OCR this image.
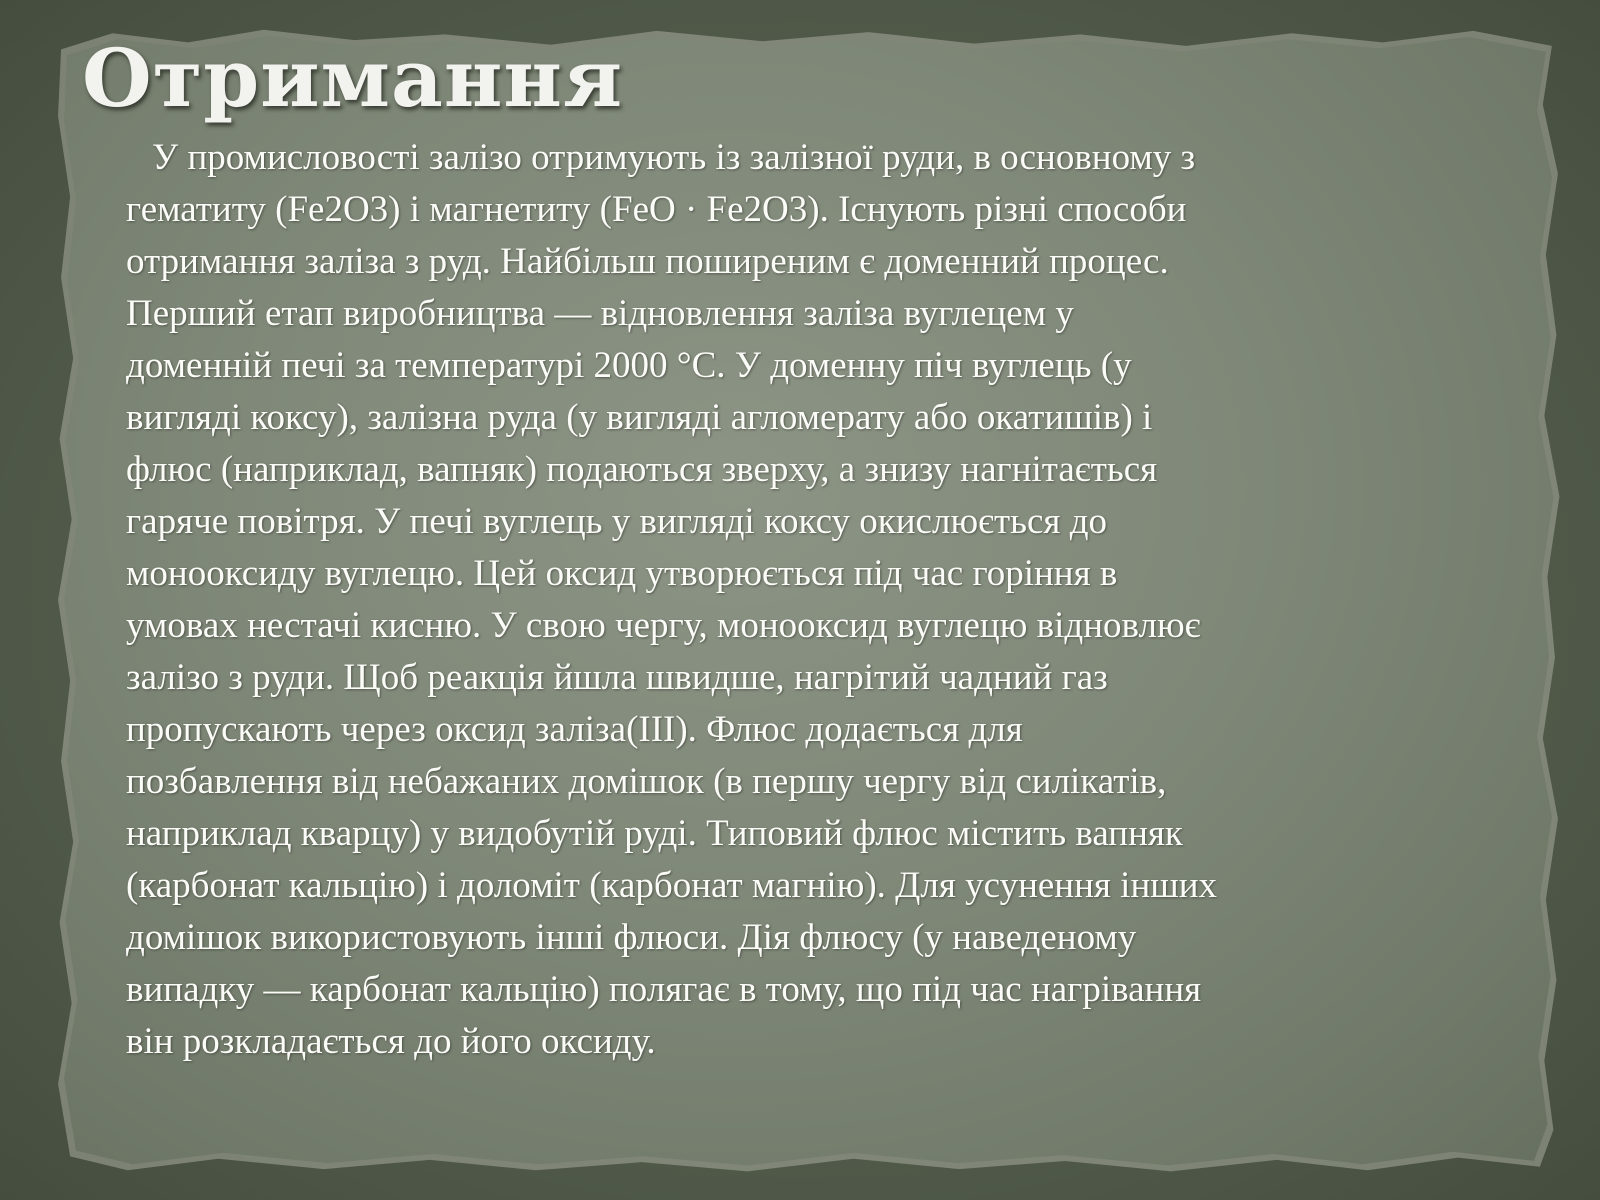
Отримання
У промисловості залізо отримують із залізної руди, в основному з
гематиту (Fe2O3) і магнетиту (FeO · Fe2O3). Існують різні способи
отримання заліза з руд. Найбільш поширеним є доменний процес.
Перший етап виробництва — відновлення заліза вуглецем у
доменній печі за температурі 2000 °С. У доменну піч вуглець (у
вигляді коксу), залізна руда (у вигляді агломерату або окатишів) і
флюс (наприклад, вапняк) подаються зверху, а знизу нагнітається
гаряче повітря. У печі вуглець у вигляді коксу окислюється до
монооксиду вуглецю. Цей оксид утворюється під час горіння в
умовах нестачі кисню. У свою чергу, монооксид вуглецю відновлює
залізо з руди. Щоб реакція йшла швидше, нагрітий чадний газ
пропускають через оксид заліза(III). Флюс додається для
позбавлення від небажаних домішок (в першу чергу від силікатів,
наприклад кварцу) у видобутій руді. Типовий флюс містить вапняк
(карбонат кальцію) і доломіт (карбонат магнію). Для усунення інших
домішок використовують інші флюси. Дія флюсу (у наведеному
випадку — карбонат кальцію) полягає в тому, що під час нагрівання
він розкладається до його оксиду.
